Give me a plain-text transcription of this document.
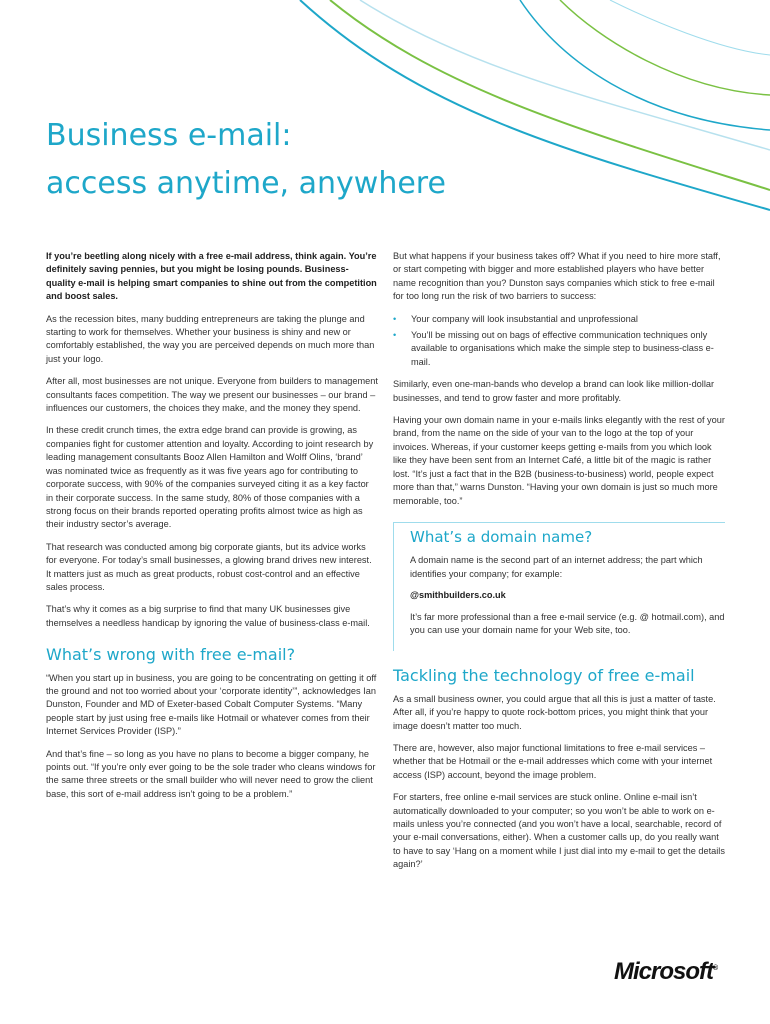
Business e-mail:
access anytime, anywhere

If you’re beetling along nicely with a free e-mail address, think again. You’re definitely saving pennies, but you might be losing pounds. Business-quality e-mail is helping smart companies to shine out from the competition and boost sales.

As the recession bites, many budding entrepreneurs are taking the plunge and starting to work for themselves. Whether your business is shiny and new or comfortably established, the way you are perceived depends on much more than just your logo.

After all, most businesses are not unique. Everyone from builders to management consultants faces competition. The way we present our businesses – our brand – influences our customers, the choices they make, and the money they spend.

In these credit crunch times, the extra edge brand can provide is growing, as companies fight for customer attention and loyalty. According to joint research by leading management consultants Booz Allen Hamilton and Wolff Olins, ‘brand’ was nominated twice as frequently as it was five years ago for contributing to corporate success, with 90% of the companies surveyed citing it as a key factor in their corporate success. In the same study, 80% of those companies with a strong focus on their brands reported operating profits almost twice as high as their industry sector’s average.

That research was conducted among big corporate giants, but its advice works for everyone. For today’s small businesses, a glowing brand drives new interest. It matters just as much as great products, robust cost-control and an effective sales process.

That’s why it comes as a big surprise to find that many UK businesses give themselves a needless handicap by ignoring the value of business-class e-mail.

What’s wrong with free e-mail?

“When you start up in business, you are going to be concentrating on getting it off the ground and not too worried about your ‘corporate identity’”, acknowledges Ian Dunston, Founder and MD of Exeter-based Cobalt Computer Systems. “Many people start by just using free e-mails like Hotmail or whatever comes from their Internet Services Provider (ISP).”

And that’s fine – so long as you have no plans to become a bigger company, he points out. “If you’re only ever going to be the sole trader who cleans windows for the same three streets or the small builder who will never need to grow the client base, this sort of e-mail address isn’t going to be a problem.”

But what happens if your business takes off? What if you need to hire more staff, or start competing with bigger and more established players who have better name recognition than you? Dunston says companies which stick to free e-mail for too long run the risk of two barriers to success:

• Your company will look insubstantial and unprofessional
• You’ll be missing out on bags of effective communication techniques only available to organisations which make the simple step to business-class e-mail.

Similarly, even one-man-bands who develop a brand can look like million-dollar businesses, and tend to grow faster and more profitably.

Having your own domain name in your e-mails links elegantly with the rest of your brand, from the name on the side of your van to the logo at the top of your invoices. Whereas, if your customer keeps getting e-mails from you which look like they have been sent from an Internet Café, a little bit of the magic is rather lost. “It’s just a fact that in the B2B (business-to-business) world, people expect more than that,” warns Dunston. “Having your own domain is just so much more memorable, too.”

What’s a domain name?

A domain name is the second part of an internet address; the part which identifies your company; for example:

@smithbuilders.co.uk

It’s far more professional than a free e-mail service (e.g. @ hotmail.com), and you can use your domain name for your Web site, too.

Tackling the technology of free e-mail

As a small business owner, you could argue that all this is just a matter of taste. After all, if you’re happy to quote rock-bottom prices, you might think that your image doesn’t matter too much.

There are, however, also major functional limitations to free e-mail services – whether that be Hotmail or the e-mail addresses which come with your internet access (ISP) account, beyond the image problem.

For starters, free online e-mail services are stuck online. Online e-mail isn’t automatically downloaded to your computer; so you won’t be able to work on e-mails unless you’re connected (and you won’t have a local, searchable, record of your e-mail conversations, either). When a customer calls up, do you really want to have to say ‘Hang on a moment while I just dial into my e-mail to get the details again?’

Microsoft®
